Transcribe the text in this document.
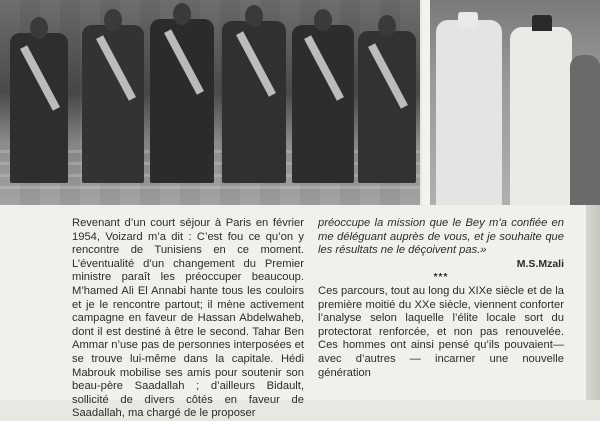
Revenant d’un court séjour à Paris en février 1954, Voizard m’a dit : C’est fou ce qu’on y rencontre de Tunisiens en ce moment. L’éventualité d’un changement du Premier ministre paraît les préoccuper beaucoup. M’hamed Ali El Annabi hante tous les couloirs et je le rencontre partout; il mène activement campagne en faveur de Hassan Abdelwaheb, dont il est destiné à être le second. Tahar Ben Ammar n’use pas de personnes interposées et se trouve lui-même dans la capitale. Hédi Mabrouk mobilise ses amis pour soutenir son beau-père Saadallah ; d’ailleurs Bidault, sollicité de divers côtés en faveur de Saadallah, ma chargé de le proposer

préoccupe la mission que le Bey m’a confiée en me déléguant auprès de vous, et je souhaite que les résultats ne le déçoivent pas.»

M.S.Mzali

***

Ces parcours, tout au long du XIXe siècle et de la première moitié du XXe siècle, viennent conforter l’analyse selon laquelle l’élite locale sort du protectorat renforcée, et non pas renouvelée. Ces hommes ont ainsi pensé qu’ils pouvaient— avec d’autres — incarner une nouvelle génération
